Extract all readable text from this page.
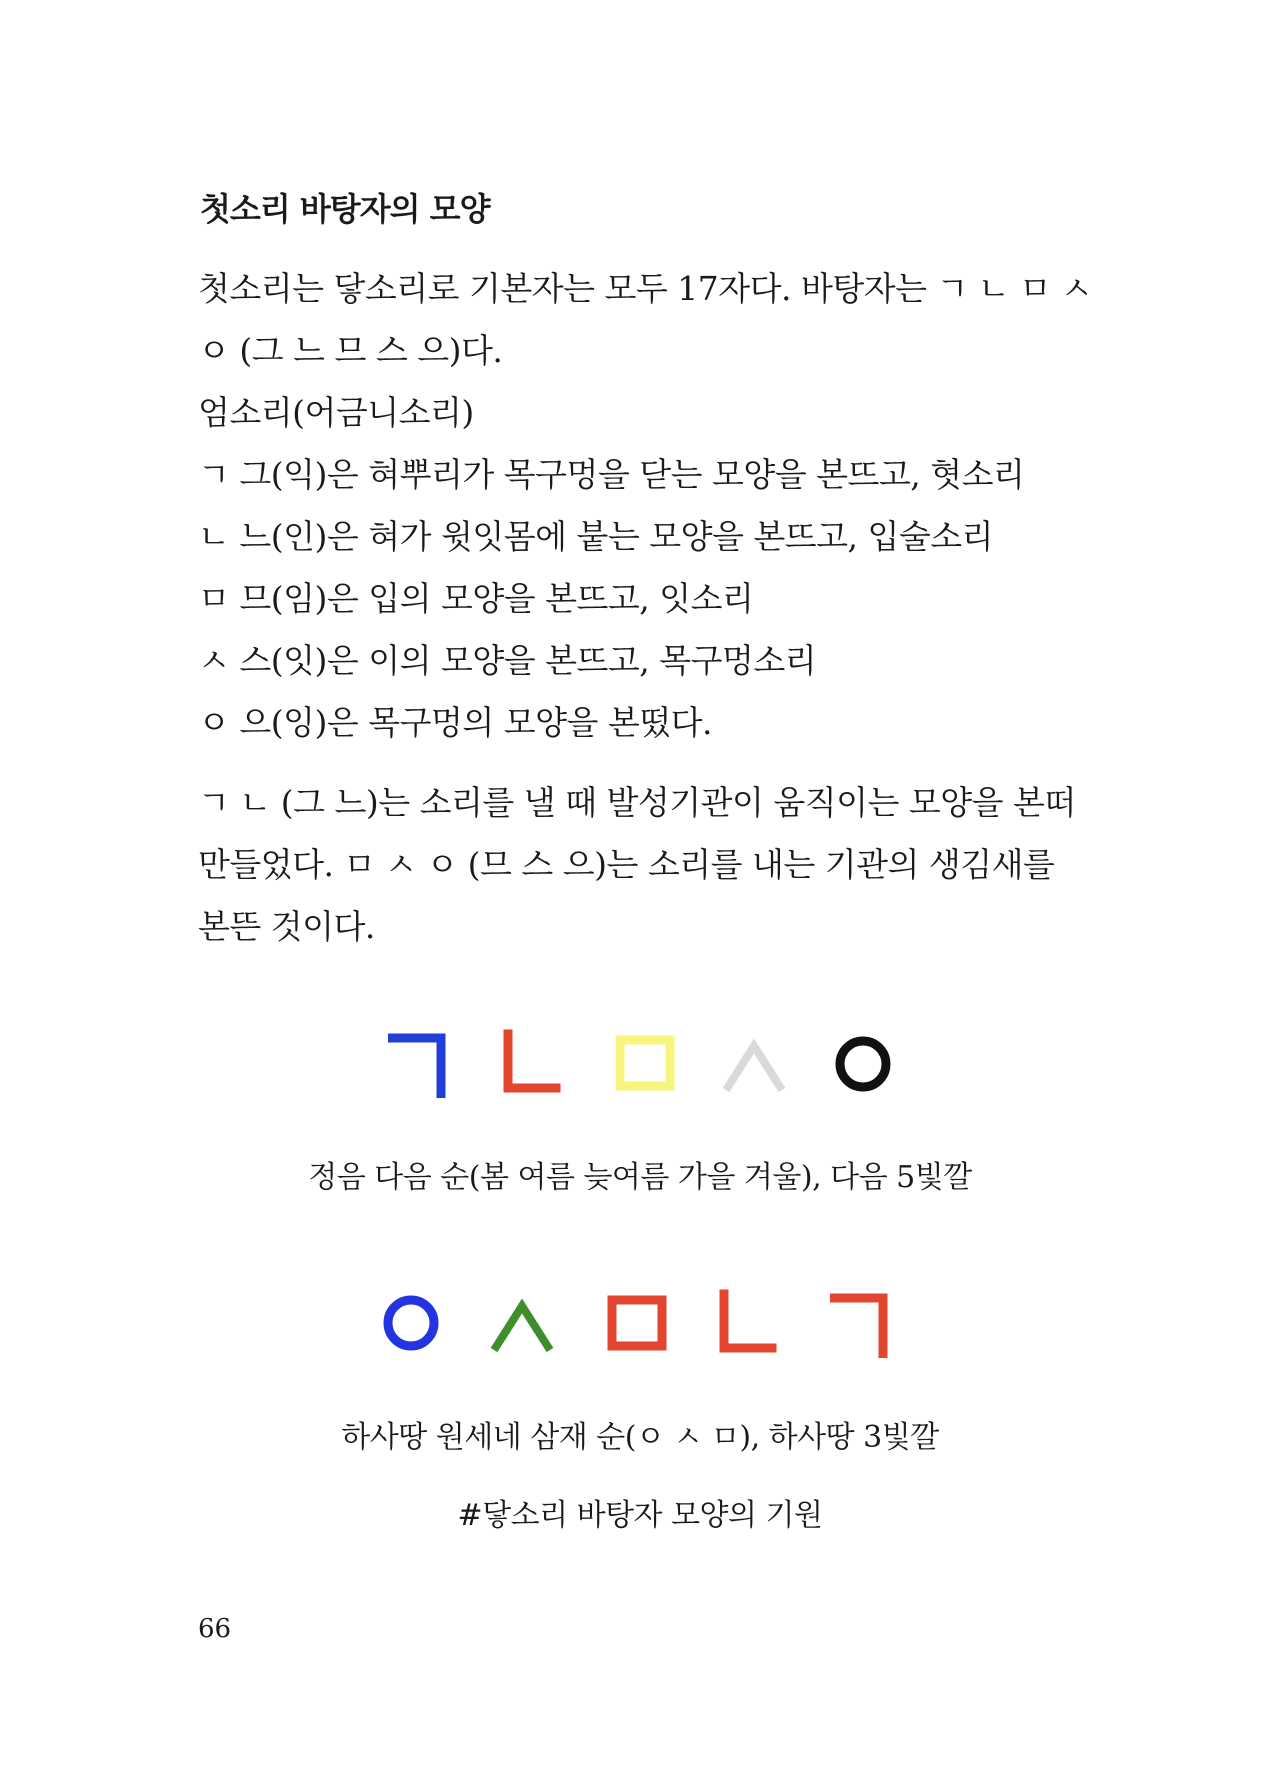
첫소리 바탕자의 모양
첫소리는 닿소리로 기본자는 모두 17자다. 바탕자는 ㄱ ㄴ ㅁ ㅅ
ㅇ (그 느 므 스 으)다.
엄소리(어금니소리)
ㄱ 그(익)은 혀뿌리가 목구멍을 닫는 모양을 본뜨고, 혓소리
ㄴ 느(인)은 혀가 윗잇몸에 붙는 모양을 본뜨고, 입술소리
ㅁ 므(임)은 입의 모양을 본뜨고, 잇소리
ㅅ 스(잇)은 이의 모양을 본뜨고, 목구멍소리
ㅇ 으(잉)은 목구멍의 모양을 본떴다.
ㄱ ㄴ (그 느)는 소리를 낼 때 발성기관이 움직이는 모양을 본떠
만들었다. ㅁ ㅅ ㅇ (므 스 으)는 소리를 내는 기관의 생김새를
본뜬 것이다.
정음 다음 순(봄 여름 늦여름 가을 겨울), 다음 5빛깔
하사땅 원세네 삼재 순(ㅇ ㅅ ㅁ), 하사땅 3빛깔
#닿소리 바탕자 모양의 기원
66
